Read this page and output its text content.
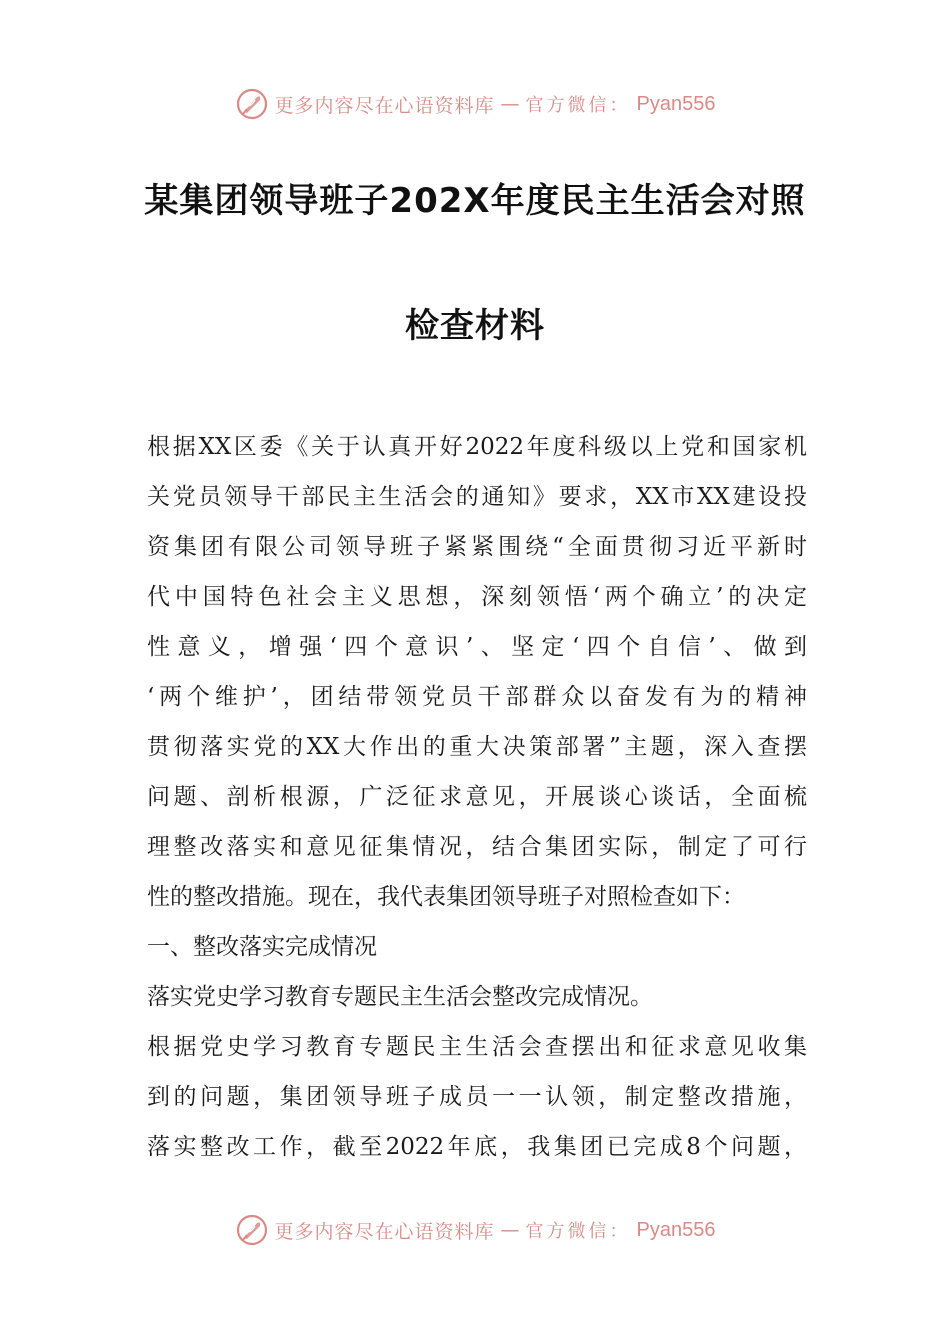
更多内容尽在心语资料库 — 官方微信： Pyan556
某集团领导班子202X年度民主生活会对照
检查材料
根据XX区委《关于认真开好2022年度科级以上党和国家机
关党员领导干部民主生活会的通知》要求，XX市XX建设投
资集团有限公司领导班子紧紧围绕“全面贯彻习近平新时
代中国特色社会主义思想，深刻领悟‘两个确立’的决定
性意义，增强‘四个意识’、坚定‘四个自信’、做到
‘两个维护’，团结带领党员干部群众以奋发有为的精神
贯彻落实党的XX大作出的重大决策部署”主题，深入查摆
问题、剖析根源，广泛征求意见，开展谈心谈话，全面梳
理整改落实和意见征集情况，结合集团实际，制定了可行
性的整改措施。现在，我代表集团领导班子对照检查如下：
一、整改落实完成情况
落实党史学习教育专题民主生活会整改完成情况。
根据党史学习教育专题民主生活会查摆出和征求意见收集
到的问题，集团领导班子成员一一认领，制定整改措施，
落实整改工作，截至2022年底，我集团已完成8个问题，
更多内容尽在心语资料库 — 官方微信： Pyan556
